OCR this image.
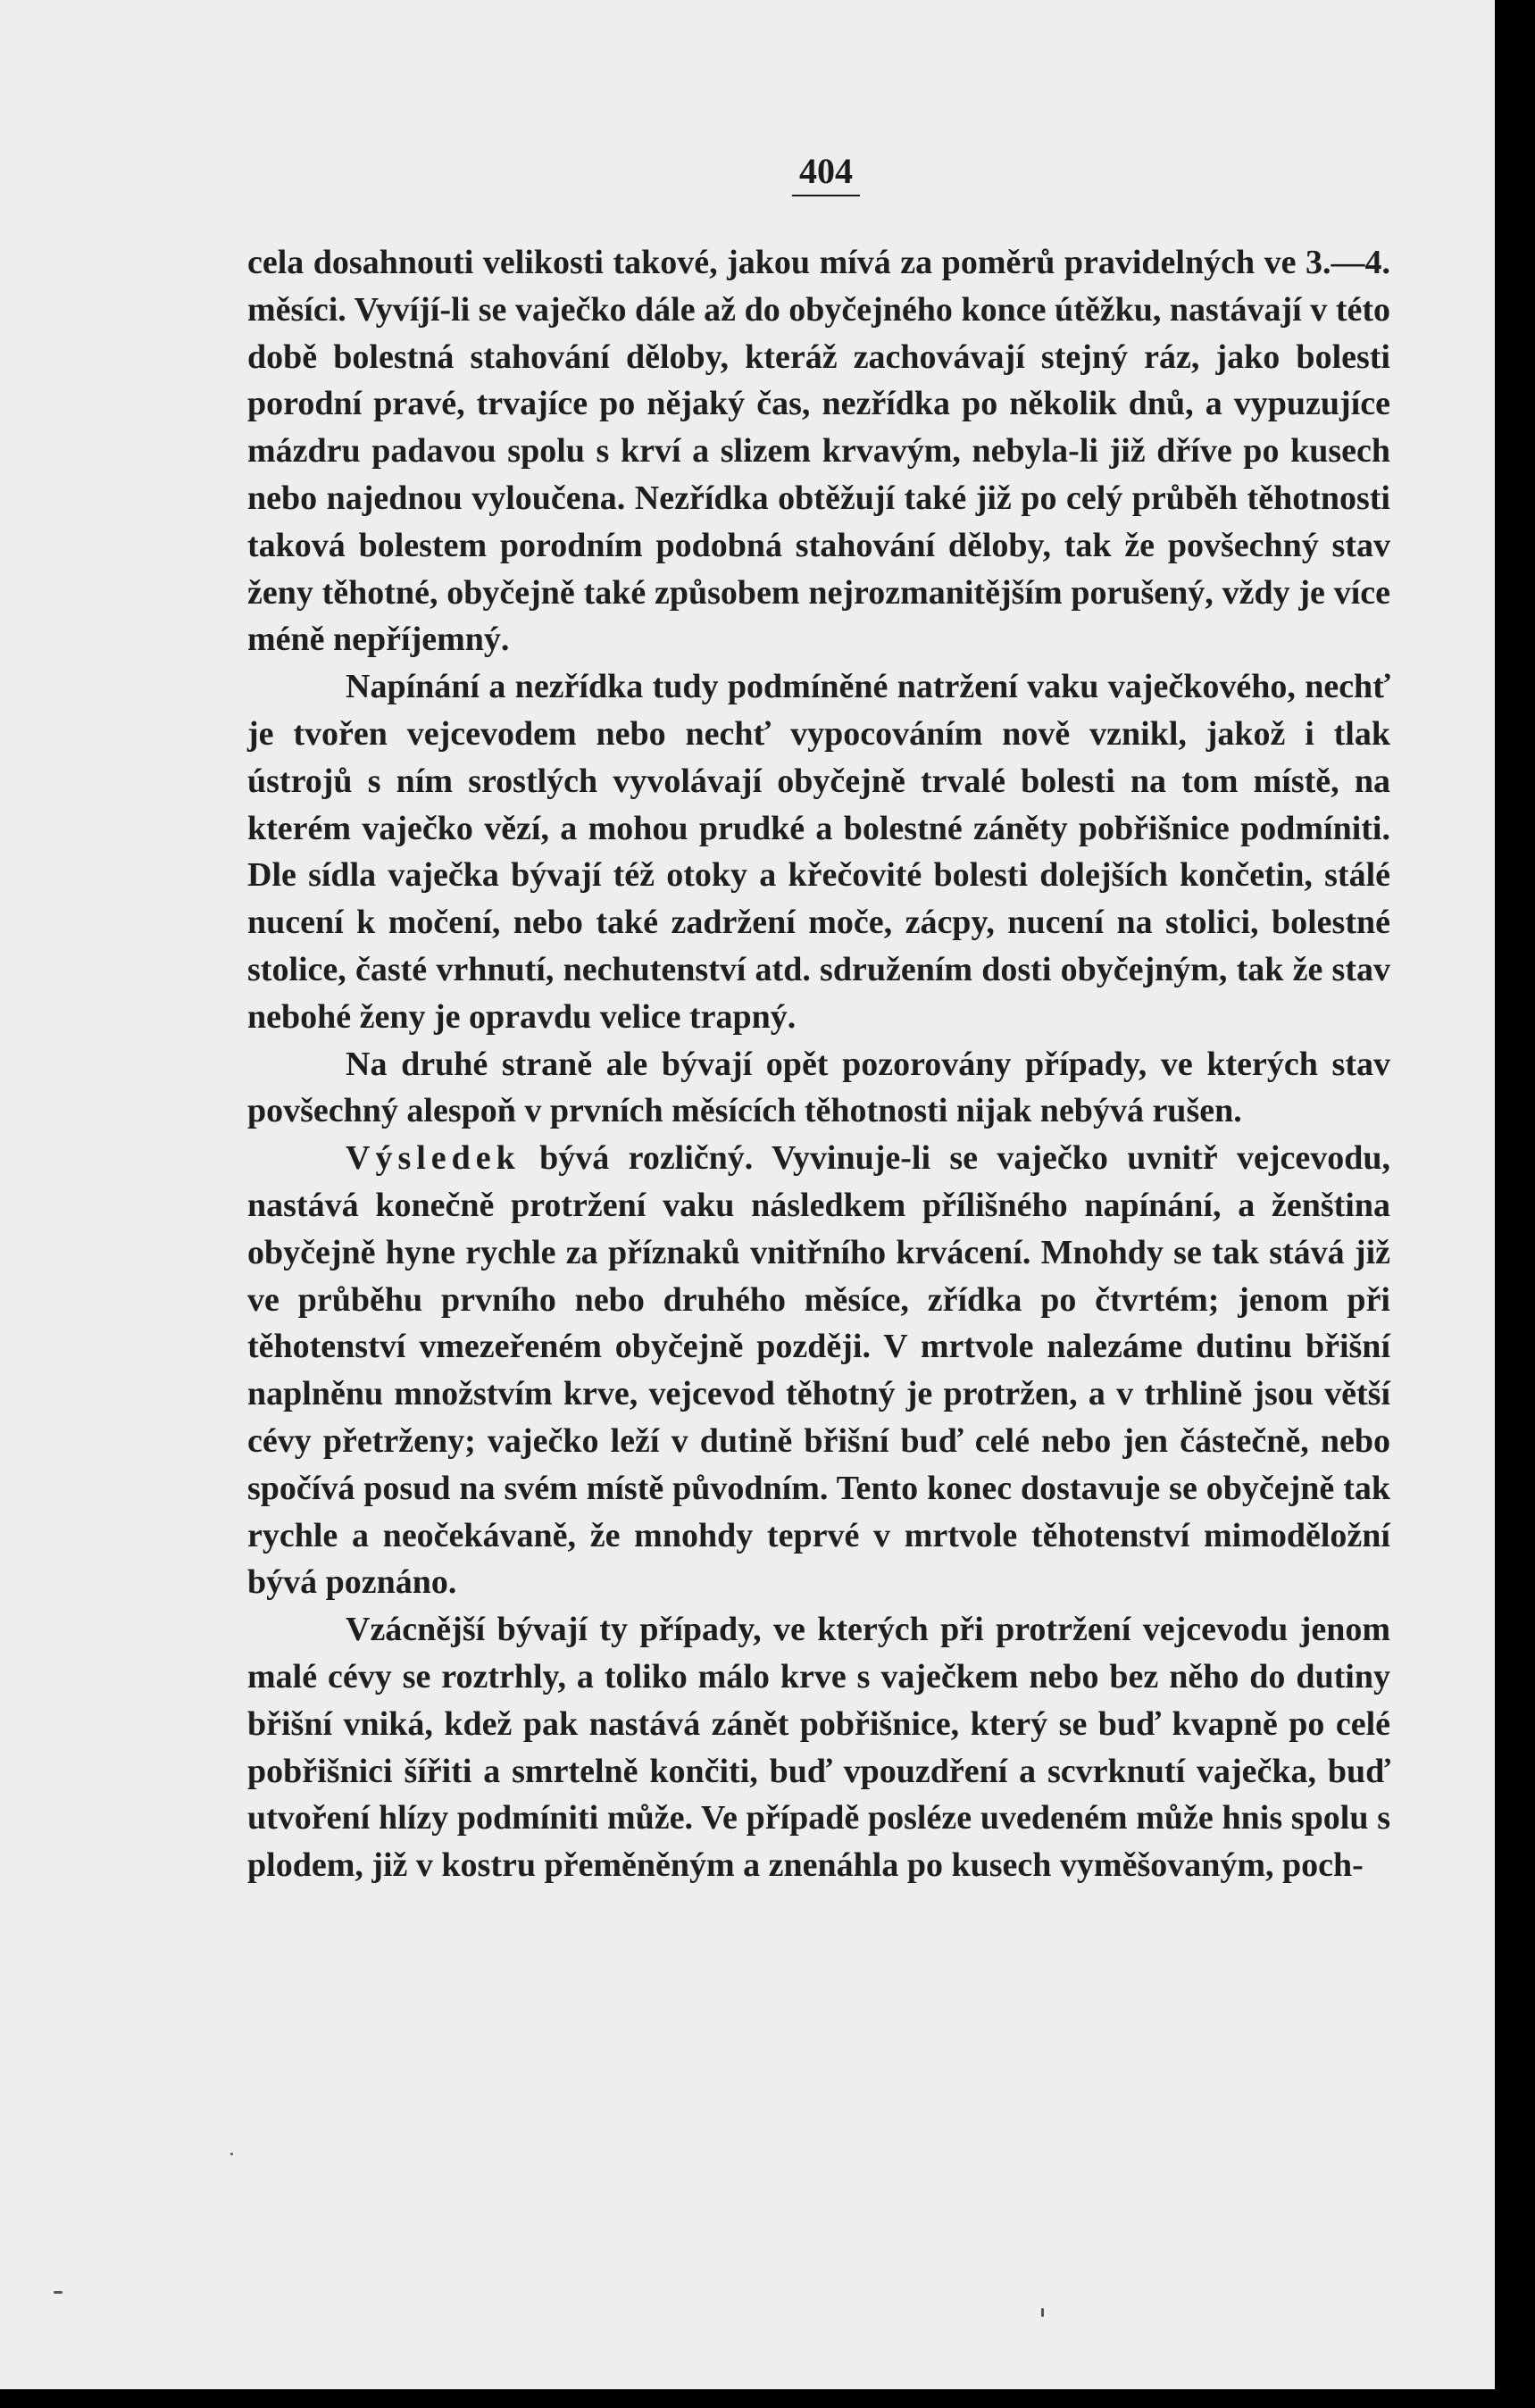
404

cela dosahnouti velikosti takové, jakou mívá za poměrů pravidelných ve 3.—4. měsíci. Vyvíjí-li se vaječko dále až do obyčejného konce útěžku, nastávají v této době bolestná stahování děloby, kteráž zachovávají stejný ráz, jako bolesti porodní pravé, trvajíce po nějaký čas, nezřídka po několik dnů, a vypuzujíce mázdru padavou spolu s krví a slizem krvavým, nebyla-li již dříve po kusech nebo najednou vyloučena. Nezřídka obtěžují také již po celý průběh těhotnosti taková bolestem porodním podobná stahování děloby, tak že povšechný stav ženy těhotné, obyčejně také způsobem nejrozmanitějším porušený, vždy je více méně nepříjemný.

Napínání a nezřídka tudy podmíněné natržení vaku vaječkového, nechť je tvořen vejcevodem nebo nechť vypocováním nově vznikl, jakož i tlak ústrojů s ním srostlých vyvolávají obyčejně trvalé bolesti na tom místě, na kterém vaječko vězí, a mohou prudké a bolestné záněty pobřišnice podmíniti. Dle sídla vaječka bývají též otoky a křečovité bolesti dolejších končetin, stálé nucení k močení, nebo také zadržení moče, zácpy, nucení na stolici, bolestné stolice, časté vrhnutí, nechutenství atd. sdružením dosti obyčejným, tak že stav nebohé ženy je opravdu velice trapný.

Na druhé straně ale bývají opět pozorovány případy, ve kterých stav povšechný alespoň v prvních měsících těhotnosti nijak nebývá rušen.

Výsledek bývá rozličný. Vyvinuje-li se vaječko uvnitř vejcevodu, nastává konečně protržení vaku následkem přílišného napínání, a ženština obyčejně hyne rychle za příznaků vnitřního krvácení. Mnohdy se tak stává již ve průběhu prvního nebo druhého měsíce, zřídka po čtvrtém; jenom při těhotenství vmezeřeném obyčejně později. V mrtvole nalezáme dutinu břišní naplněnu množstvím krve, vejcevod těhotný je protržen, a v trhlině jsou větší cévy přetrženy; vaječko leží v dutině břišní buď celé nebo jen částečně, nebo spočívá posud na svém místě původním. Tento konec dostavuje se obyčejně tak rychle a neočekávaně, že mnohdy teprvé v mrtvole těhotenství mimoděložní bývá poznáno.

Vzácnější bývají ty případy, ve kterých při protržení vejcevodu jenom malé cévy se roztrhly, a toliko málo krve s vaječkem nebo bez něho do dutiny břišní vniká, kdež pak nastává zánět pobřišnice, který se buď kvapně po celé pobřišnici šířiti a smrtelně končiti, buď vpouzdření a scvrknutí vaječka, buď utvoření hlízy podmíniti může. Ve případě posléze uvedeném může hnis spolu s plodem, již v kostru přeměněným a znenáhla po kusech vyměšovaným, poch-
